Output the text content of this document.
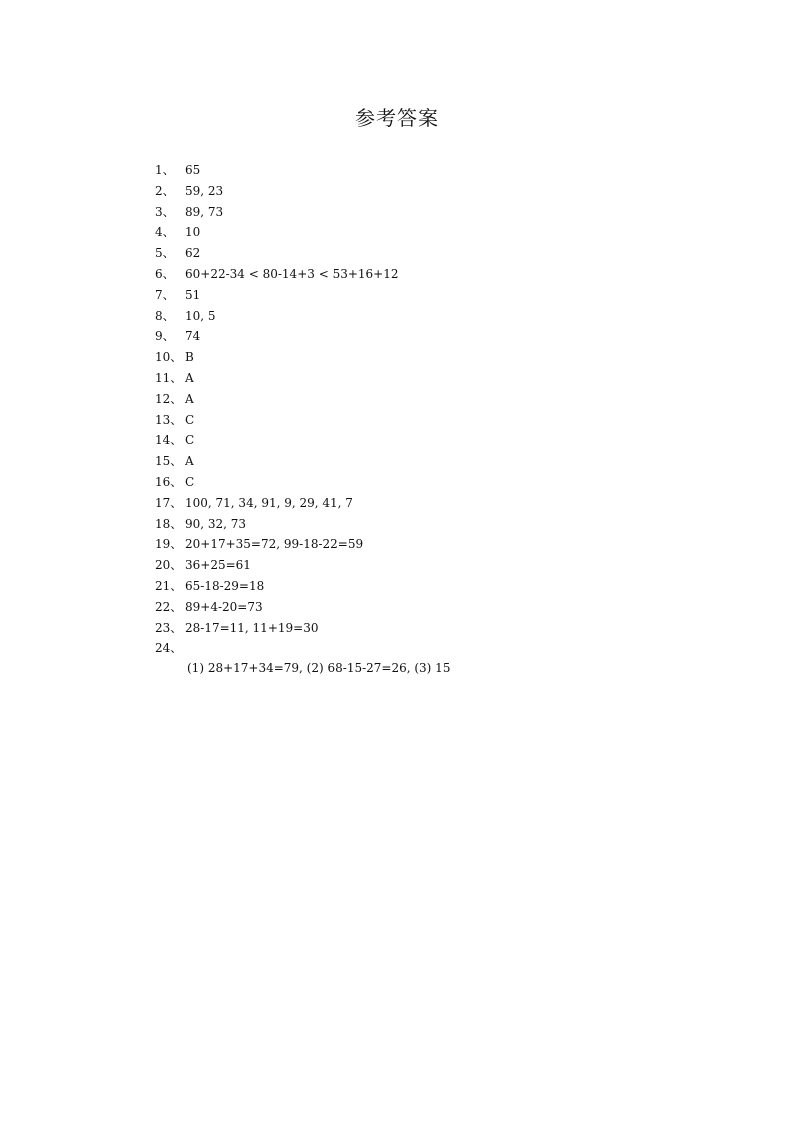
参考答案
1、 65
2、 59, 23
3、 89, 73
4、 10
5、 62
6、 60+22-34 < 80-14+3 < 53+16+12
7、 51
8、 10, 5
9、 74
10、 B
11、 A
12、 A
13、 C
14、 C
15、 A
16、 C
17、 100, 71, 34, 91, 9, 29, 41, 7
18、 90, 32, 73
19、 20+17+35=72, 99-18-22=59
20、 36+25=61
21、 65-18-29=18
22、 89+4-20=73
23、 28-17=11, 11+19=30
24、
(1) 28+17+34=79, (2) 68-15-27=26, (3) 15
